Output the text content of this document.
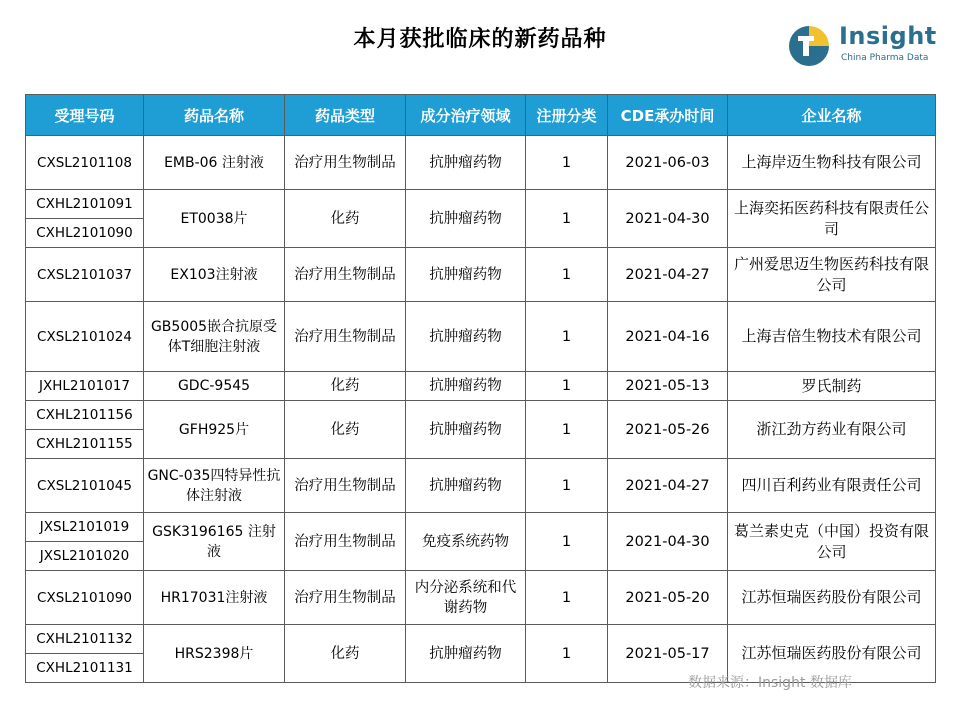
本月获批临床的新药品种	Insight
China Pharma Data
受理号码	药品名称	药品类型	成分治疗领域	注册分类	CDE承办时间	企业名称
CXSL2101108	EMB-06 注射液	治疗用生物制品	抗肿瘤药物	1	2021-06-03	上海岸迈生物科技有限公司
CXHL2101091	ET0038片	化药	抗肿瘤药物	1	2021-04-30	上海奕拓医药科技有限责任公司
CXHL2101090						
CXSL2101037	EX103注射液	治疗用生物制品	抗肿瘤药物	1	2021-04-27	广州爱思迈生物医药科技有限公司
CXSL2101024	GB5005嵌合抗原受体T细胞注射液	治疗用生物制品	抗肿瘤药物	1	2021-04-16	上海吉倍生物技术有限公司
JXHL2101017	GDC-9545	化药	抗肿瘤药物	1	2021-05-13	罗氏制药
CXHL2101156	GFH925片	化药	抗肿瘤药物	1	2021-05-26	浙江劲方药业有限公司
CXHL2101155						
CXSL2101045	GNC-035四特异性抗体注射液	治疗用生物制品	抗肿瘤药物	1	2021-04-27	四川百利药业有限责任公司
JXSL2101019	GSK3196165 注射液	治疗用生物制品	免疫系统药物	1	2021-04-30	葛兰素史克（中国）投资有限公司
JXSL2101020						
CXSL2101090	HR17031注射液	治疗用生物制品	内分泌系统和代谢药物	1	2021-05-20	江苏恒瑞医药股份有限公司
CXHL2101132	HRS2398片	化药	抗肿瘤药物	1	2021-05-17	江苏恒瑞医药股份有限公司
CXHL2101131						
数据来源：Insight 数据库
